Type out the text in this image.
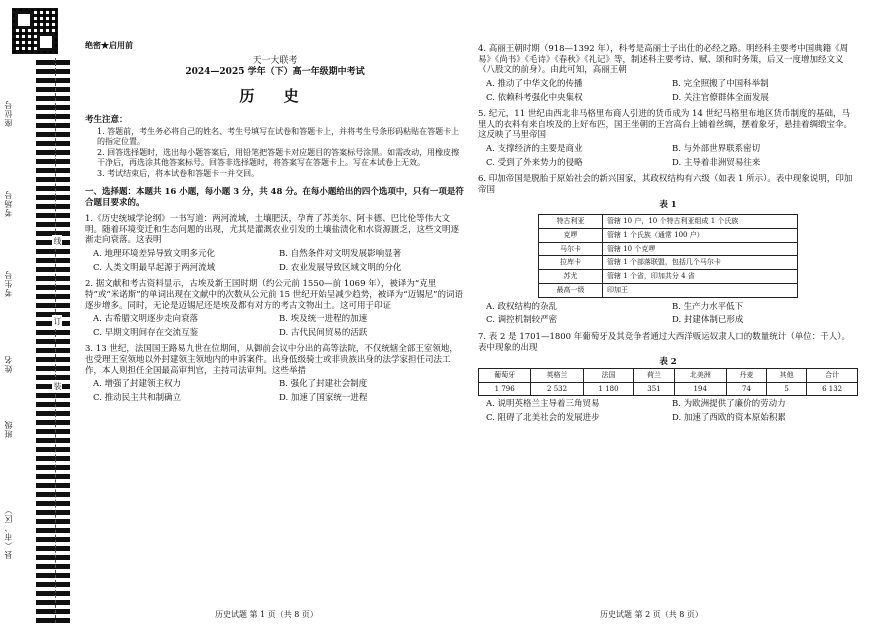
座位号
考场号
考生号
姓名
班级
县（市、区）
线
订
装
绝密★启用前
天一大联考
2024—2025 学年（下）高一年级期中考试
历 史
考生注意：

1. 答题前，考生务必将自己的姓名、考生号填写在试卷和答题卡上，并将考生号条形码粘贴在答题卡上的指定位置。

2. 回答选择题时，选出每小题答案后，用铅笔把答题卡对应题目的答案标号涂黑。如需改动，用橡皮擦干净后，再选涂其他答案标号。回答非选择题时，将答案写在答题卡上。写在本试卷上无效。

3. 考试结束后，将本试卷和答题卡一并交回。

一、选择题：本题共 16 小题，每小题 3 分，共 48 分。在每小题给出的四个选项中，只有一项是符合题目要求的。

1.《历史统城学论纲》一书写道：两河流域，土壤肥沃，孕育了苏美尔、阿卡德、巴比伦等伟大文明。随着环境变迁和生态问题的出现，尤其是灌溉农业引发的土壤盐渍化和水资源匮乏，这些文明逐渐走向衰落。这表明

A. 地理环境差异导致文明多元化	B. 自然条件对文明发展影响显著
C. 人类文明最早起源于两河流域	D. 农业发展导致区域文明的分化

2. 据文献和考古资料显示，古埃及新王国时期（约公元前 1550—前 1069 年），被译为“克里特”或“米诺斯”的单词出现在文献中的次数从公元前 15 世纪开始呈减少趋势，被译为“迈锡尼”的词语逐步增多。同时，无论是迈锡尼还是埃及都有对方的考古文物出土。这可用于印证

A. 古希腊文明逐步走向衰落	B. 埃及统一进程的加速
C. 早期文明间存在交流互鉴	D. 古代民间贸易的活跃

3. 13 世纪，法国国王路易九世在位期间，从御前会议中分出的高等法院，不仅统辖全部王室领地，也受理王室领地以外封建领主领地内的申诉案件。出身低级骑士或非贵族出身的法学家担任司法工作，本人则担任全国最高审判官，主持司法审判。这些举措

A. 增强了封建领主权力	B. 强化了封建社会制度
C. 推动民主共和制确立	D. 加速了国家统一进程

4. 高丽王朝时期（918—1392 年），科考是高丽士子出仕的必经之路。明经科主要考中国典籍《周易》《尚书》《毛诗》《春秋》《礼记》等，制述科主要考诗、赋、颂和时务策，后又一度增加经文义（八股文的前身）。由此可知，高丽王朝

A. 推动了中华文化的传播	B. 完全照搬了中国科举制
C. 依赖科考强化中央集权	D. 关注官僚群体全面发展

5. 纪元，11 世纪由西北非马格里布商人引进的货币成为 14 世纪马格里布地区货币制度的基础，马里人的衣料有来自埃及的上好布匹，国王坐朝的王宫高台上铺着丝绸，摆着象牙，悬挂着绸缎宝伞。这反映了马里帝国

A. 支撑经济的主要是商业	B. 与外部世界联系密切
C. 受到了外来势力的侵略	D. 主导着非洲贸易往来

6. 印加帝国是脱胎于原始社会的新兴国家，其政权结构有六级（如表 1 所示）。表中现象说明，印加帝国

表 1
特古利亚	管辖 10 户，10 个特古利亚组成 1 个氏族
克啰	管辖 1 个氏族（通常 100 户）
马尔卡	管辖 10 个克啰
拉库卡	管辖 1 个部落联盟，包括几个马尔卡
苏尤	管辖 1 个省，印加共分 4 省
最高一级	印加王
A. 政权结构的杂乱	B. 生产力水平低下
C. 调控机制较严密	D. 封建体制已形成

7. 表 2 是 1701—1800 年葡萄牙及其竞争者通过大西洋贩运奴隶人口的数量统计（单位：千人）。表中现象的出现

表 2
葡萄牙	英格兰	法国	荷兰	北美洲	丹麦	其他	合计
1 796	2 532	1 180	351	194	74	5	6 132
A. 说明英格兰主导着三角贸易	B. 为欧洲提供了廉价的劳动力
C. 阻碍了北美社会的发展进步	D. 加速了西欧的资本原始积累
历史试题 第 1 页（共 8 页）	历史试题 第 2 页（共 8 页）
